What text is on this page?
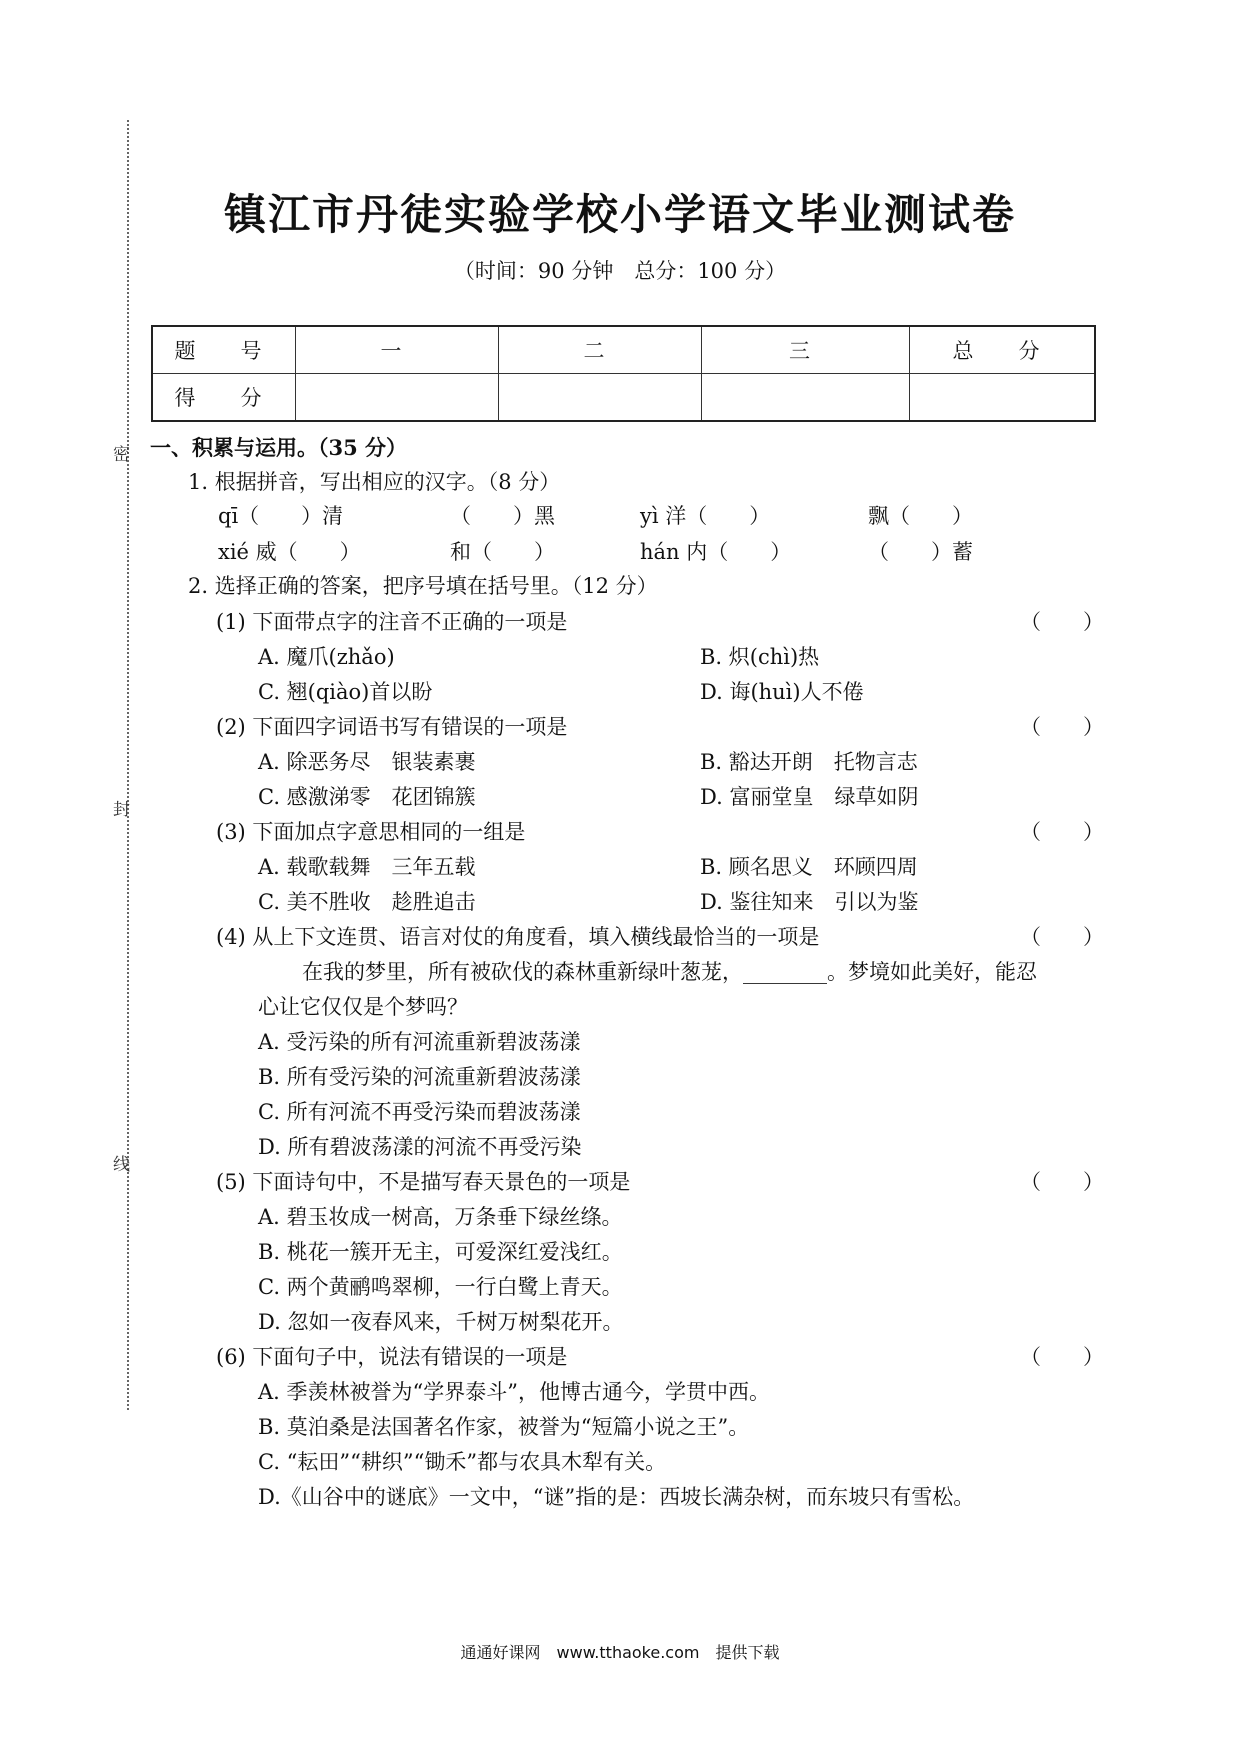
密
封
线
镇江市丹徒实验学校小学语文毕业测试卷
（时间：90 分钟　总分：100 分）
题　号	一	二	三	总　分
得　分				
一、积累与运用。（35 分）
1. 根据拼音，写出相应的汉字。（8 分）
qī（　　）清	（　　）黑	yì 洋（　　）	飘（　　）
xié 威（　　）	和（　　）	hán 内（　　）	（　　）蓄
2. 选择正确的答案，把序号填在括号里。（12 分）
(1) 下面带点字的注音不正确的一项是	（　　）
A. 魔爪(zhǎo)	B. 炽(chì)热
C. 翘(qiào)首以盼	D. 诲(huì)人不倦
(2) 下面四字词语书写有错误的一项是	（　　）
A. 除恶务尽　银装素裹	B. 豁达开朗　托物言志
C. 感激涕零　花团锦簇	D. 富丽堂皇　绿草如阴
(3) 下面加点字意思相同的一组是	（　　）
A. 载歌载舞　三年五载	B. 顾名思义　环顾四周
C. 美不胜收　趁胜追击	D. 鉴往知来　引以为鉴
(4) 从上下文连贯、语言对仗的角度看，填入横线最恰当的一项是	（　　）
在我的梦里，所有被砍伐的森林重新绿叶葱茏，________。梦境如此美好，能忍
心让它仅仅是个梦吗？
A. 受污染的所有河流重新碧波荡漾
B. 所有受污染的河流重新碧波荡漾
C. 所有河流不再受污染而碧波荡漾
D. 所有碧波荡漾的河流不再受污染
(5) 下面诗句中，不是描写春天景色的一项是	（　　）
A. 碧玉妆成一树高，万条垂下绿丝绦。
B. 桃花一簇开无主，可爱深红爱浅红。
C. 两个黄鹂鸣翠柳，一行白鹭上青天。
D. 忽如一夜春风来，千树万树梨花开。
(6) 下面句子中，说法有错误的一项是	（　　）
A. 季羡林被誉为“学界泰斗”，他博古通今，学贯中西。
B. 莫泊桑是法国著名作家，被誉为“短篇小说之王”。
C. “耘田”“耕织”“锄禾”都与农具木犁有关。
D.《山谷中的谜底》一文中，“谜”指的是：西坡长满杂树，而东坡只有雪松。
通通好课网　www.tthaoke.com　提供下载
